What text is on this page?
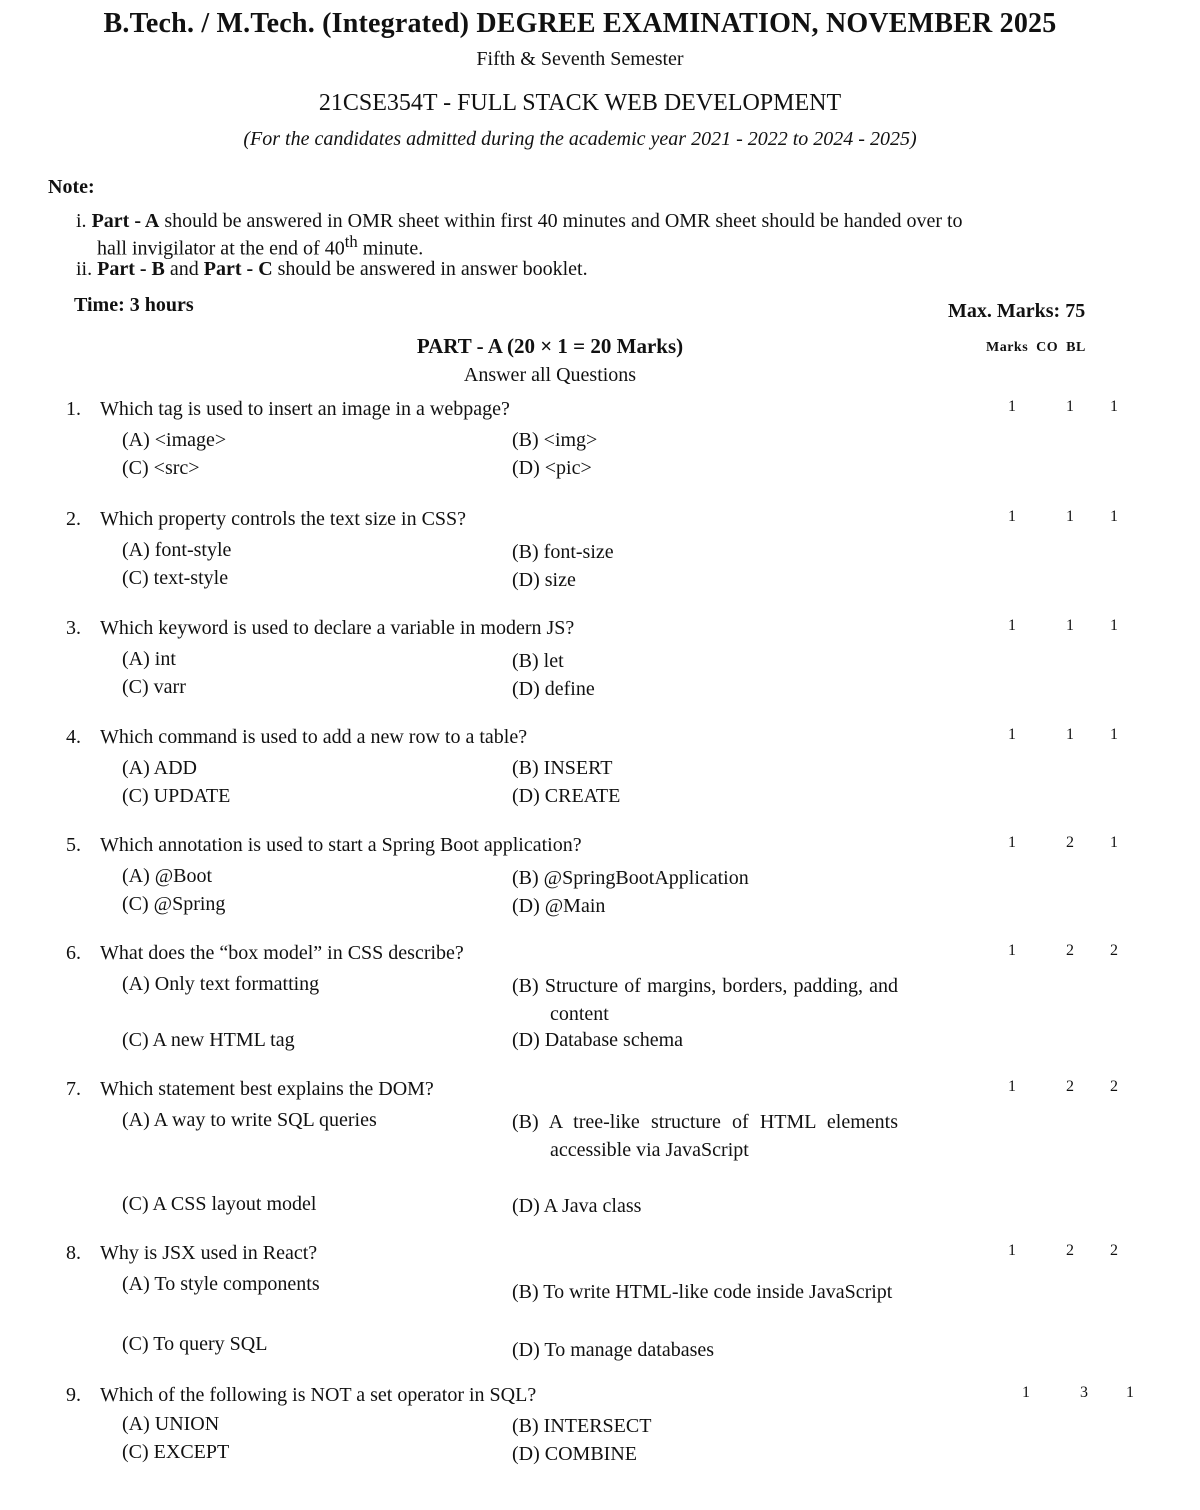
B.Tech. / M.Tech. (Integrated) DEGREE EXAMINATION, NOVEMBER 2025
Fifth & Seventh Semester
21CSE354T - FULL STACK WEB DEVELOPMENT
(For the candidates admitted during the academic year 2021 - 2022 to 2024 - 2025)
Note:
i. Part - A should be answered in OMR sheet within first 40 minutes and OMR sheet should be handed over to
hall invigilator at the end of 40th minute.
ii. Part - B and Part - C should be answered in answer booklet.
Time: 3 hours	Max. Marks: 75
PART - A (20 × 1 = 20 Marks)
Answer all Questions
Marks CO BL
1. Which tag is used to insert an image in a webpage?
(A) <image>	(B) <img>
(C) <src>	(D) <pic>
1	1	1
2. Which property controls the text size in CSS?
(A) font-style	(B) font-size
(C) text-style	(D) size
1	1	1
3. Which keyword is used to declare a variable in modern JS?
(A) int	(B) let
(C) varr	(D) define
1	1	1
4. Which command is used to add a new row to a table?
(A) ADD	(B) INSERT
(C) UPDATE	(D) CREATE
1	1	1
5. Which annotation is used to start a Spring Boot application?
(A) @Boot	(B) @SpringBootApplication
(C) @Spring	(D) @Main
1	2	1
6. What does the “box model” in CSS describe?
(A) Only text formatting	(B) Structure of margins, borders, padding, and content
(C) A new HTML tag	(D) Database schema
1	2	2
7. Which statement best explains the DOM?
(A) A way to write SQL queries	(B) A tree-like structure of HTML elements accessible via JavaScript
(C) A CSS layout model	(D) A Java class
1	2	2
8. Why is JSX used in React?
(A) To style components	(B) To write HTML-like code inside JavaScript
(C) To query SQL	(D) To manage databases
1	2	2
9. Which of the following is NOT a set operator in SQL?
(A) UNION	(B) INTERSECT
(C) EXCEPT	(D) COMBINE
1	3	1
